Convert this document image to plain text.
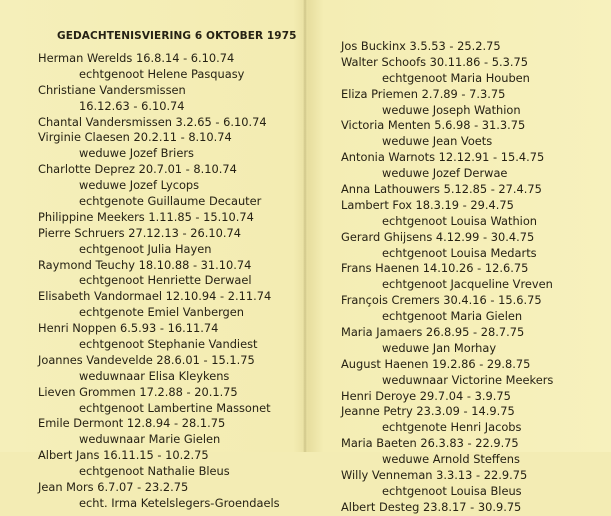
GEDACHTENISVIERING 6 OKTOBER 1975
Herman Werelds 16.8.14 - 6.10.74
echtgenoot Helene Pasquasy
Christiane Vandersmissen
16.12.63 - 6.10.74
Chantal Vandersmissen 3.2.65 - 6.10.74
Virginie Claesen 20.2.11 - 8.10.74
weduwe Jozef Briers
Charlotte Deprez 20.7.01 - 8.10.74
weduwe Jozef Lycops
echtgenote Guillaume Decauter
Philippine Meekers 1.11.85 - 15.10.74
Pierre Schruers 27.12.13 - 26.10.74
echtgenoot Julia Hayen
Raymond Teuchy 18.10.88 - 31.10.74
echtgenoot Henriette Derwael
Elisabeth Vandormael 12.10.94 - 2.11.74
echtgenote Emiel Vanbergen
Henri Noppen 6.5.93 - 16.11.74
echtgenoot Stephanie Vandiest
Joannes Vandevelde 28.6.01 - 15.1.75
weduwnaar Elisa Kleykens
Lieven Grommen 17.2.88 - 20.1.75
echtgenoot Lambertine Massonet
Emile Dermont 12.8.94 - 28.1.75
weduwnaar Marie Gielen
Albert Jans 16.11.15 - 10.2.75
echtgenoot Nathalie Bleus
Jean Mors 6.7.07 - 23.2.75
echt. Irma Ketelslegers-Groendaels
Jos Buckinx 3.5.53 - 25.2.75
Walter Schoofs 30.11.86 - 5.3.75
echtgenoot Maria Houben
Eliza Priemen 2.7.89 - 7.3.75
weduwe Joseph Wathion
Victoria Menten 5.6.98 - 31.3.75
weduwe Jean Voets
Antonia Warnots 12.12.91 - 15.4.75
weduwe Jozef Derwae
Anna Lathouwers 5.12.85 - 27.4.75
Lambert Fox 18.3.19 - 29.4.75
echtgenoot Louisa Wathion
Gerard Ghijsens 4.12.99 - 30.4.75
echtgenoot Louisa Medarts
Frans Haenen 14.10.26 - 12.6.75
echtgenoot Jacqueline Vreven
François Cremers 30.4.16 - 15.6.75
echtgenoot Maria Gielen
Maria Jamaers 26.8.95 - 28.7.75
weduwe Jan Morhay
August Haenen 19.2.86 - 29.8.75
weduwnaar Victorine Meekers
Henri Deroye 29.7.04 - 3.9.75
Jeanne Petry 23.3.09 - 14.9.75
echtgenote Henri Jacobs
Maria Baeten 26.3.83 - 22.9.75
weduwe Arnold Steffens
Willy Venneman 3.3.13 - 22.9.75
echtgenoot Louisa Bleus
Albert Desteg 23.8.17 - 30.9.75
